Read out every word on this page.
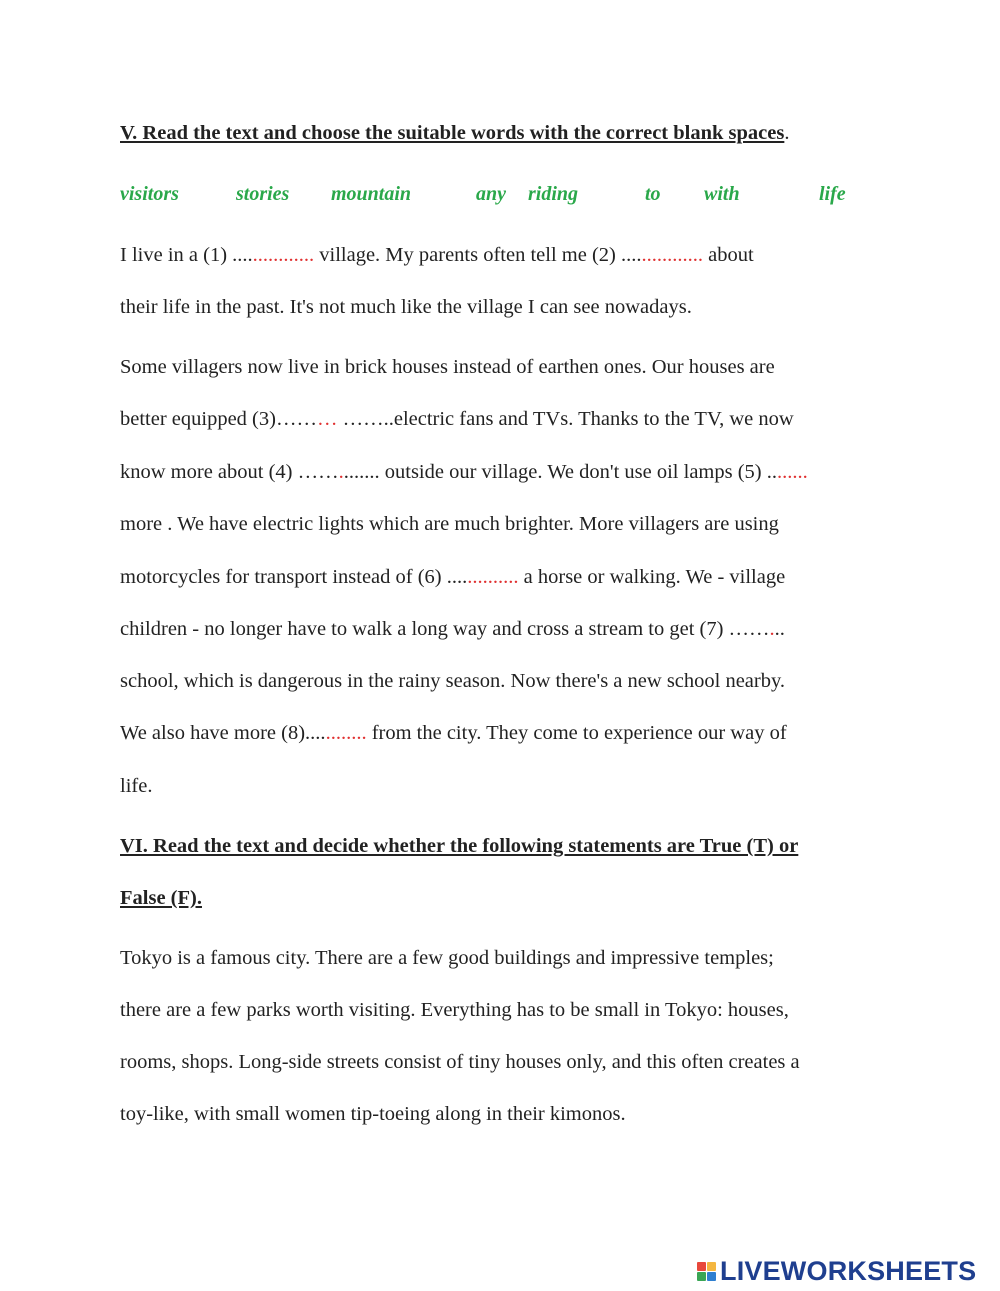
V. Read the text and choose the suitable words with the correct blank spaces.
visitors	stories mountain	any riding	to with	life
I live in a (1) ................ village. My parents often tell me (2) ................ about
their life in the past. It's not much like the village I can see nowadays.
Some villagers now live in brick houses instead of earthen ones. Our houses are
better equipped (3)……… ……..electric fans and TVs. Thanks to the TV, we now
know more about (4) ……........ outside our village. We don't use oil lamps (5) ........
more . We have electric lights which are much brighter. More villagers are using
motorcycles for transport instead of (6) .............. a horse or walking. We - village
children - no longer have to walk a long way and cross a stream to get (7) ……...
school, which is dangerous in the rainy season. Now there's a new school nearby.
We also have more (8)............ from the city. They come to experience our way of
life.
VI. Read the text and decide whether the following statements are True (T) or
False (F).
Tokyo is a famous city. There are a few good buildings and impressive temples;
there are a few parks worth visiting. Everything has to be small in Tokyo: houses,
rooms, shops. Long-side streets consist of tiny houses only, and this often creates a
toy-like, with small women tip-toeing along in their kimonos.
LIVEWORKSHEETS
